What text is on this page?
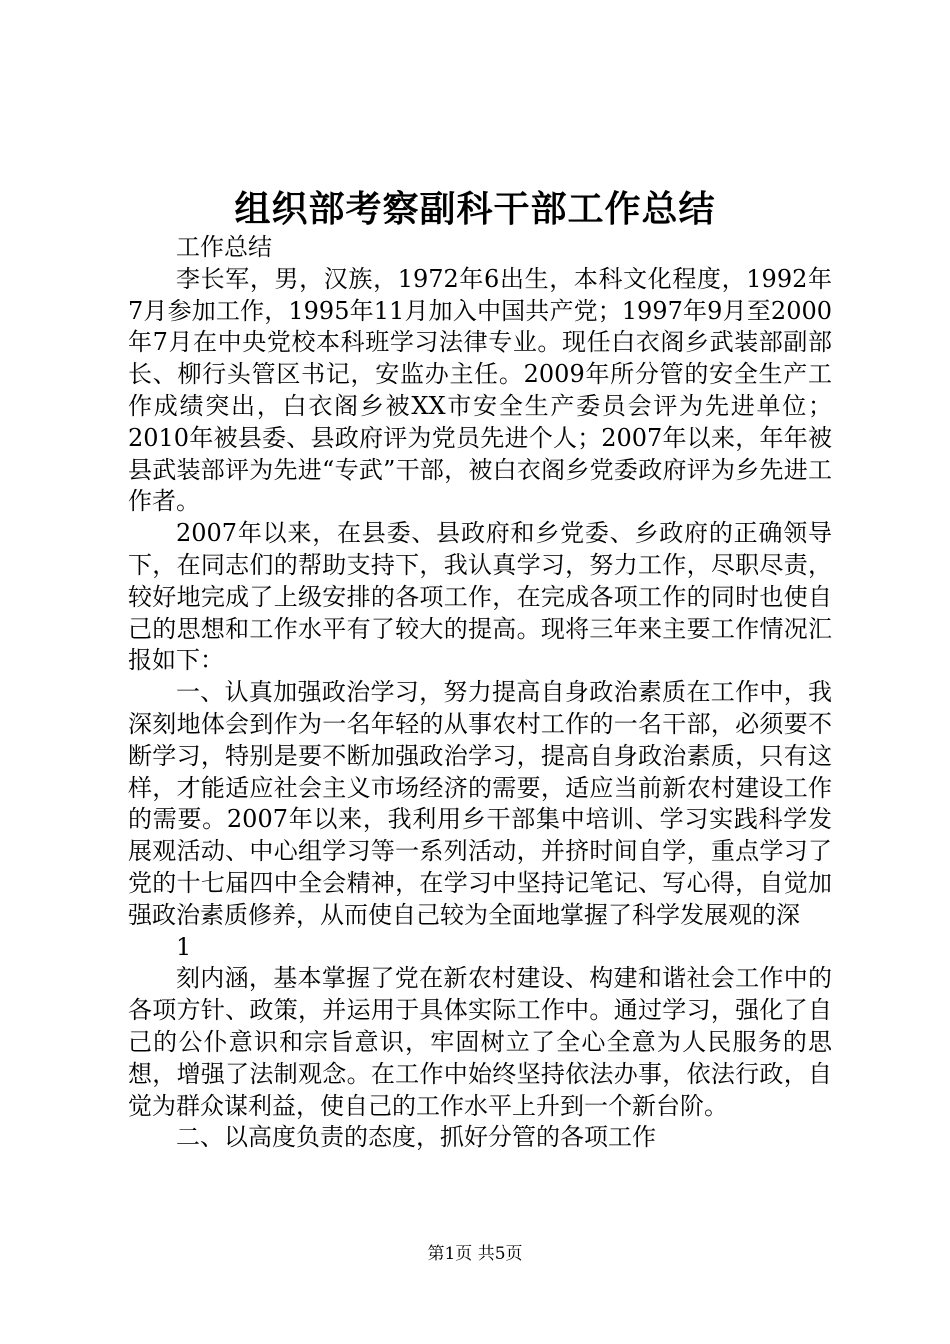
组织部考察副科干部工作总结

工作总结

李长军，男，汉族，1972年6出生，本科文化程度，1992年7月参加工作，1995年11月加入中国共产党；1997年9月至2000年7月在中央党校本科班学习法律专业。现任白衣阁乡武装部副部长、柳行头管区书记，安监办主任。2009年所分管的安全生产工作成绩突出，白衣阁乡被XX市安全生产委员会评为先进单位；2010年被县委、县政府评为党员先进个人；2007年以来，年年被县武装部评为先进“专武”干部，被白衣阁乡党委政府评为乡先进工作者。

2007年以来，在县委、县政府和乡党委、乡政府的正确领导下，在同志们的帮助支持下，我认真学习，努力工作，尽职尽责，较好地完成了上级安排的各项工作，在完成各项工作的同时也使自己的思想和工作水平有了较大的提高。现将三年来主要工作情况汇报如下：

一、认真加强政治学习，努力提高自身政治素质在工作中，我深刻地体会到作为一名年轻的从事农村工作的一名干部，必须要不断学习，特别是要不断加强政治学习，提高自身政治素质，只有这样，才能适应社会主义市场经济的需要，适应当前新农村建设工作的需要。2007年以来，我利用乡干部集中培训、学习实践科学发展观活动、中心组学习等一系列活动，并挤时间自学，重点学习了党的十七届四中全会精神，在学习中坚持记笔记、写心得，自觉加强政治素质修养，从而使自己较为全面地掌握了科学发展观的深

1

刻内涵，基本掌握了党在新农村建设、构建和谐社会工作中的各项方针、政策，并运用于具体实际工作中。通过学习，强化了自己的公仆意识和宗旨意识，牢固树立了全心全意为人民服务的思想，增强了法制观念。在工作中始终坚持依法办事，依法行政，自觉为群众谋利益，使自己的工作水平上升到一个新台阶。

二、以高度负责的态度，抓好分管的各项工作

第1页 共5页
